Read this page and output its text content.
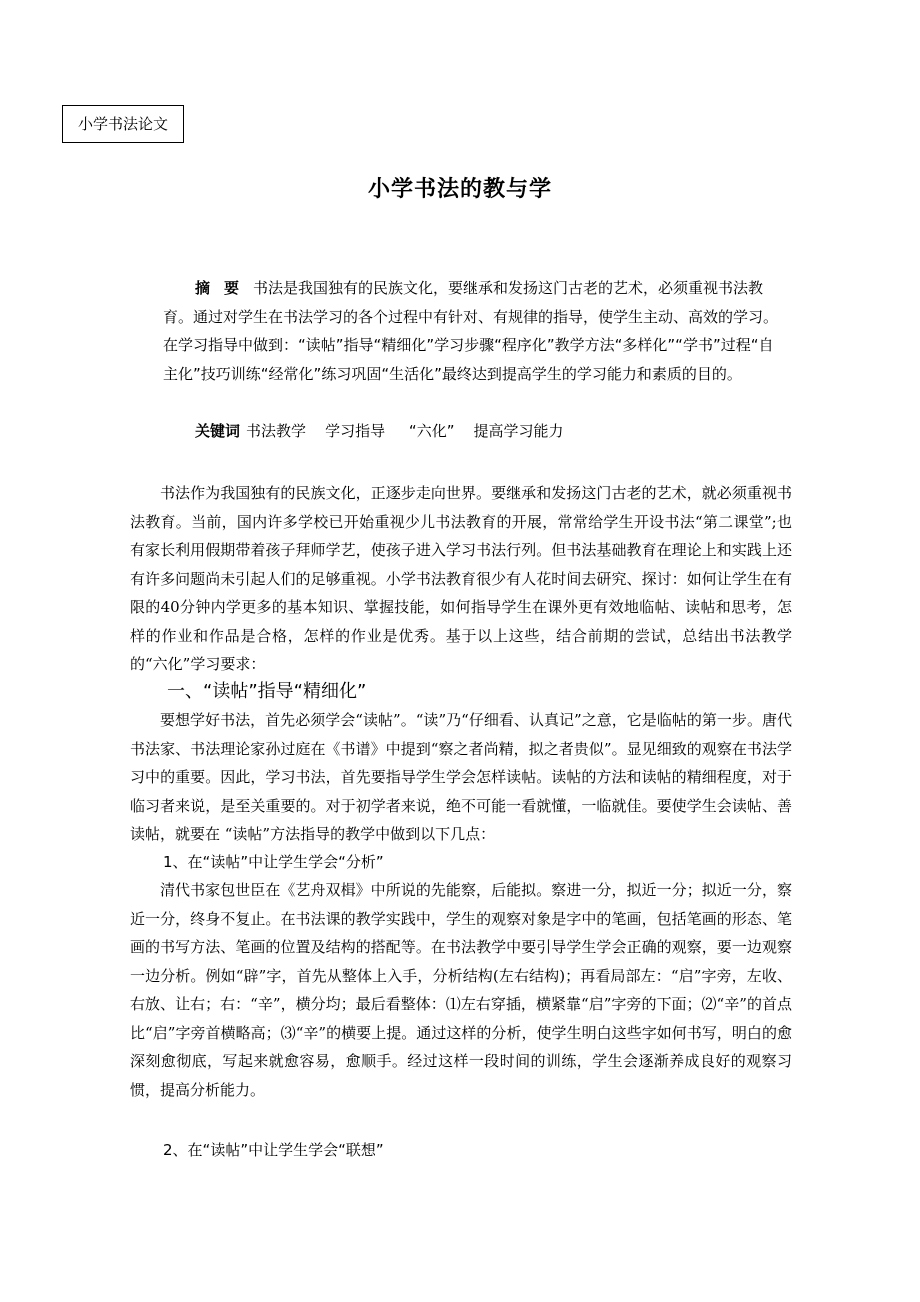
小学书法论文
小学书法的教与学

摘要书法是我国独有的民族文化，要继承和发扬这门古老的艺术，必须重视书法教育。通过对学生在书法学习的各个过程中有针对、有规律的指导，使学生主动、高效的学习。在学习指导中做到：“读帖”指导“精细化”学习步骤“程序化”教学方法“多样化”“学书”过程“自主化”技巧训练“经常化”练习巩固“生活化”最终达到提高学生的学习能力和素质的目的。

关键词 书法教学    学习指导     “六化”    提高学习能力

书法作为我国独有的民族文化，正逐步走向世界。要继承和发扬这门古老的艺术，就必须重视书法教育。当前，国内许多学校已开始重视少儿书法教育的开展，常常给学生开设书法“第二课堂”;也有家长利用假期带着孩子拜师学艺，使孩子进入学习书法行列。但书法基础教育在理论上和实践上还有许多问题尚未引起人们的足够重视。小学书法教育很少有人花时间去研究、探讨：如何让学生在有限的40分钟内学更多的基本知识、掌握技能，如何指导学生在课外更有效地临帖、读帖和思考，怎样的作业和作品是合格，怎样的作业是优秀。基于以上这些，结合前期的尝试，总结出书法教学的“六化”学习要求：

一、“读帖”指导“精细化”

要想学好书法，首先必须学会“读帖”。“读”乃“仔细看、认真记”之意，它是临帖的第一步。唐代书法家、书法理论家孙过庭在《书谱》中提到“察之者尚精，拟之者贵似”。显见细致的观察在书法学习中的重要。因此，学习书法，首先要指导学生学会怎样读帖。读帖的方法和读帖的精细程度，对于临习者来说，是至关重要的。对于初学者来说，绝不可能一看就懂，一临就佳。要使学生会读帖、善读帖，就要在 “读帖”方法指导的教学中做到以下几点：

1、在“读帖”中让学生学会“分析”

清代书家包世臣在《艺舟双楫》中所说的先能察，后能拟。察进一分，拟近一分；拟近一分，察近一分，终身不复止。在书法课的教学实践中，学生的观察对象是字中的笔画，包括笔画的形态、笔画的书写方法、笔画的位置及结构的搭配等。在书法教学中要引导学生学会正确的观察，要一边观察一边分析。例如“辟”字，首先从整体上入手，分析结构(左右结构)；再看局部左：“启”字旁，左收、右放、让右；右：“辛”，横分均；最后看整体：⑴左右穿插，横紧靠“启”字旁的下面；⑵“辛”的首点比“启”字旁首横略高；⑶“辛”的横要上提。通过这样的分析，使学生明白这些字如何书写，明白的愈深刻愈彻底，写起来就愈容易，愈顺手。经过这样一段时间的训练，学生会逐渐养成良好的观察习惯，提高分析能力。

2、在“读帖”中让学生学会“联想”
